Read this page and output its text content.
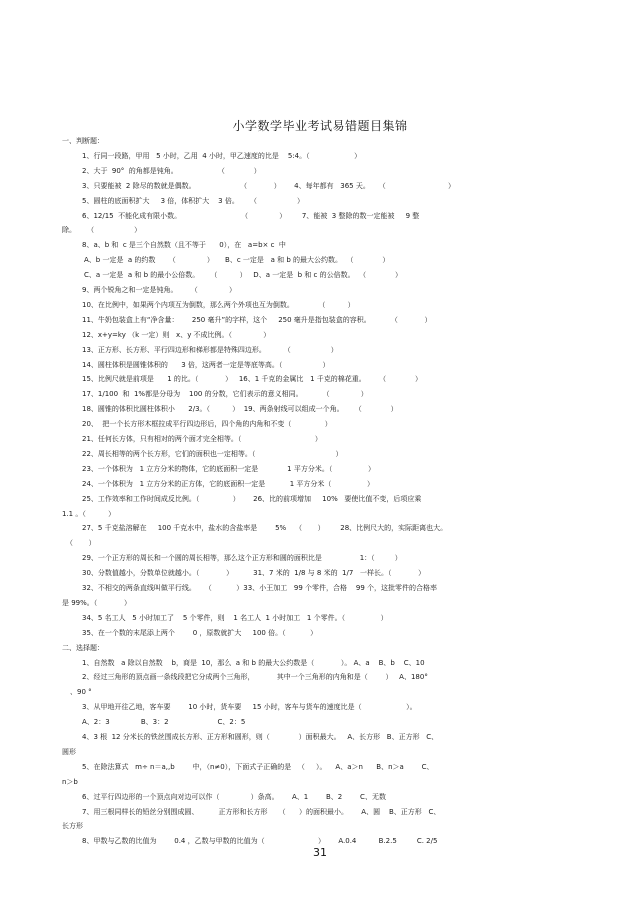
小学数学毕业考试易错题目集锦
一、判断题：
1、行同一段路，甲用   5 小时，乙用  4 小时，甲乙速度的比是    5:4。（                    ）
2、大于  90°  的角都是钝角。                  （             ）
3、只要能被  2 除尽的数就是偶数。                    （            ）      4、每年都有   365 天。    （                            ）
5、圆柱的底面积扩大     3 倍，体积扩大    3 倍。     （                  ）
6、12/15  不能化成有限小数。                           （              ）       7、能被  3 整除的数一定能被     9 整
除。     （                  ）
8、a、b 和  c 是三个自然数（且不等于      0），在   a=b× c  中
A、b 一定是  a 的约数      （              ）     B、c 一定是   a 和 b 的最大公约数。  （             ）
C、a 一定是  a 和 b 的最小公倍数。     （          ）   D、a 一定是  b 和 c 的公倍数。  （             ）
9、两个锐角之和一定是钝角。      （              ）
10、在比例中，如果两个内项互为倒数，那么两个外项也互为倒数。           （          ）
11、牛奶包装盒上有“净含量：      250 毫升”的字样，这个     250 毫升是指包装盒的容积。         （            ）
12、x+y=ky （k 一定）则   x、y 不成比例。（              ）
13、正方形、长方形、平行四边形和梯形都是特殊四边形。        （                  ）
14、圆柱体积是圆锥体积的      3 倍，这两者一定是等底等高。（                  ）
15、比例尺就是前项是      1 的比。（            ）   16、1 千克的金属比   1 千克的棉花重。      （             ）
17、1/100  和  1%都是分母为    100 的分数，它们表示的意义相同。         （              ）
18、圆锥的体积比圆柱体积小      2/3。（          ）  19、两条射线可以组成一个角。     （             ）
20、  把一个长方形木框拉成平行四边形后，四个角的内角和不变（               ）
21、任何长方体，只有相对的两个面才完全相等。（                                 ）
22、周长相等的两个长方形，它们的面积也一定相等。（                                    ）
23、一个体积为   1 立方分米的物体，它的底面积一定是             1 平方分米。（                ）
24、一个体积为   1 立方分米的正方体，它的底面积一定是           1 平方分米（                ）
25、工作效率和工作时间成反比例。（               ）      26、比的前项增加     10%   要使比值不变，后项应乘
1.1 。（          ）
27、5 千克盐溶解在     100 千克水中，盐水的含盐率是        5%    （       ）       28、比例尺大的，实际距离也大。
（       ）
29、一个正方形的周长和一个圆的周长相等，那么这个正方形和圆的面积比是                 1：（         ）
30、分数值越小，分数单位就越小。（            ）         31、7 米的  1/8 与 8 米的  1/7   一样长。（            ）
32、不相交的两条直线叫做平行线。    （           ）33、小王加工   99 个零件，合格    99 个，这批零件的合格率
是 99%。（            ）
34、5 名工人   5 小时加工了    5 个零件，则    1 名工人  1 小时加工   1 个零件。（                ）
35、在一个数的末尾添上两个        0 ，原数就扩大     100 倍。（           ）
二、选择题：
1、自然数   a 除以自然数    b，商是  10，那么  a 和 b 的最大公约数是（            ）。 A、a    B、b    C、10
2、经过三角形的顶点画一条线段把它分成两个三角形，          其中一个三角形的内角和是（        ）   A、180°
、90 °
3、从甲地开往乙地，客车要        10 小时，货车要     15 小时，客车与货车的速度比是（                    ）。
A、2：3              B、3：2                      C、2：5
4、3 根  12 分米长的铁丝围成长方形、正方形和圆形，则（             ）面积最大。   A、长方形   B、正方形   C、
圆形
5、在除法算式   m÷ n＝a,,b        中，（n≠0），下面式子正确的是   （     ）。    A、a＞n      B、n＞a        C、
n＞b
6、过平行四边形的一个顶点向对边可以作（              ）条高。      A、1        B、2        C、无数
7、用三根同样长的铅丝分别围成圆、         正方形和长方形     （      ）的面积最小。      A、圆    B、正方形   C、
长方形
8、甲数与乙数的比值为        0.4 ，乙数与甲数的比值为（                        ）      A.0.4          B.2.5         C. 2/5
31
